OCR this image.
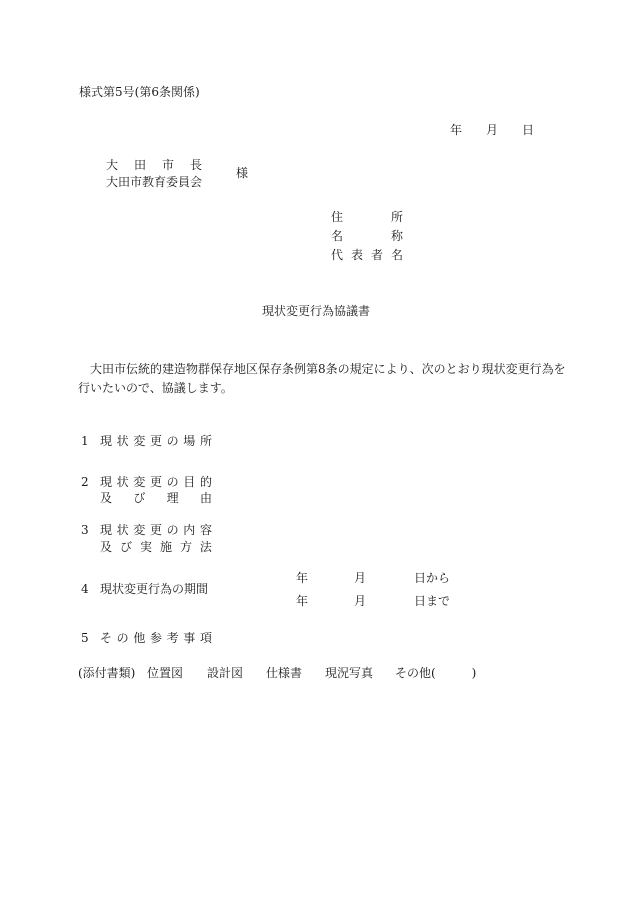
様式第5号(第6条関係)
年 月 日
大 田 市 長
大田市教育委員会
様
住	所
名	称
代 表 者 名
現状変更行為協議書
大田市伝統的建造物群保存地区保存条例第8条の規定により、次のとおり現状変更行為を
行いたいので、協議します。
1 現 状 変 更 の 場 所
2 現 状 変 更 の 目 的
及 び 理 由
3 現 状 変 更 の 内 容
及 び 実 施 方 法
4 現状変更行為の期間
年	月	日から
年	月	日まで
5 そ の 他 参 考 事 項
(添付書類) 位置図 設計図 仕様書 現況写真 その他(　　　)
